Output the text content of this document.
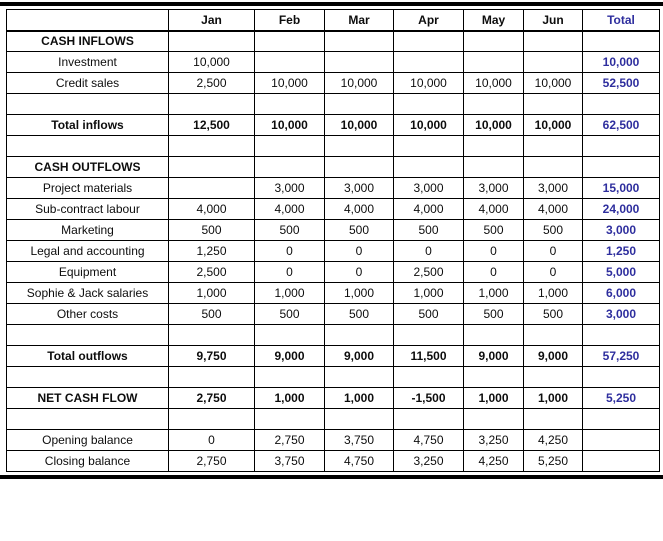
	Jan	Feb	Mar	Apr	May	Jun	Total
CASH INFLOWS							
Investment	10,000						10,000
Credit sales	2,500	10,000	10,000	10,000	10,000	10,000	52,500

Total inflows	12,500	10,000	10,000	10,000	10,000	10,000	62,500

CASH OUTFLOWS							
Project materials		3,000	3,000	3,000	3,000	3,000	15,000
Sub-contract labour	4,000	4,000	4,000	4,000	4,000	4,000	24,000
Marketing	500	500	500	500	500	500	3,000
Legal and accounting	1,250	0	0	0	0	0	1,250
Equipment	2,500	0	0	2,500	0	0	5,000
Sophie & Jack salaries	1,000	1,000	1,000	1,000	1,000	1,000	6,000
Other costs	500	500	500	500	500	500	3,000

Total outflows	9,750	9,000	9,000	11,500	9,000	9,000	57,250

NET CASH FLOW	2,750	1,000	1,000	-1,500	1,000	1,000	5,250

Opening balance	0	2,750	3,750	4,750	3,250	4,250	
Closing balance	2,750	3,750	4,750	3,250	4,250	5,250	
